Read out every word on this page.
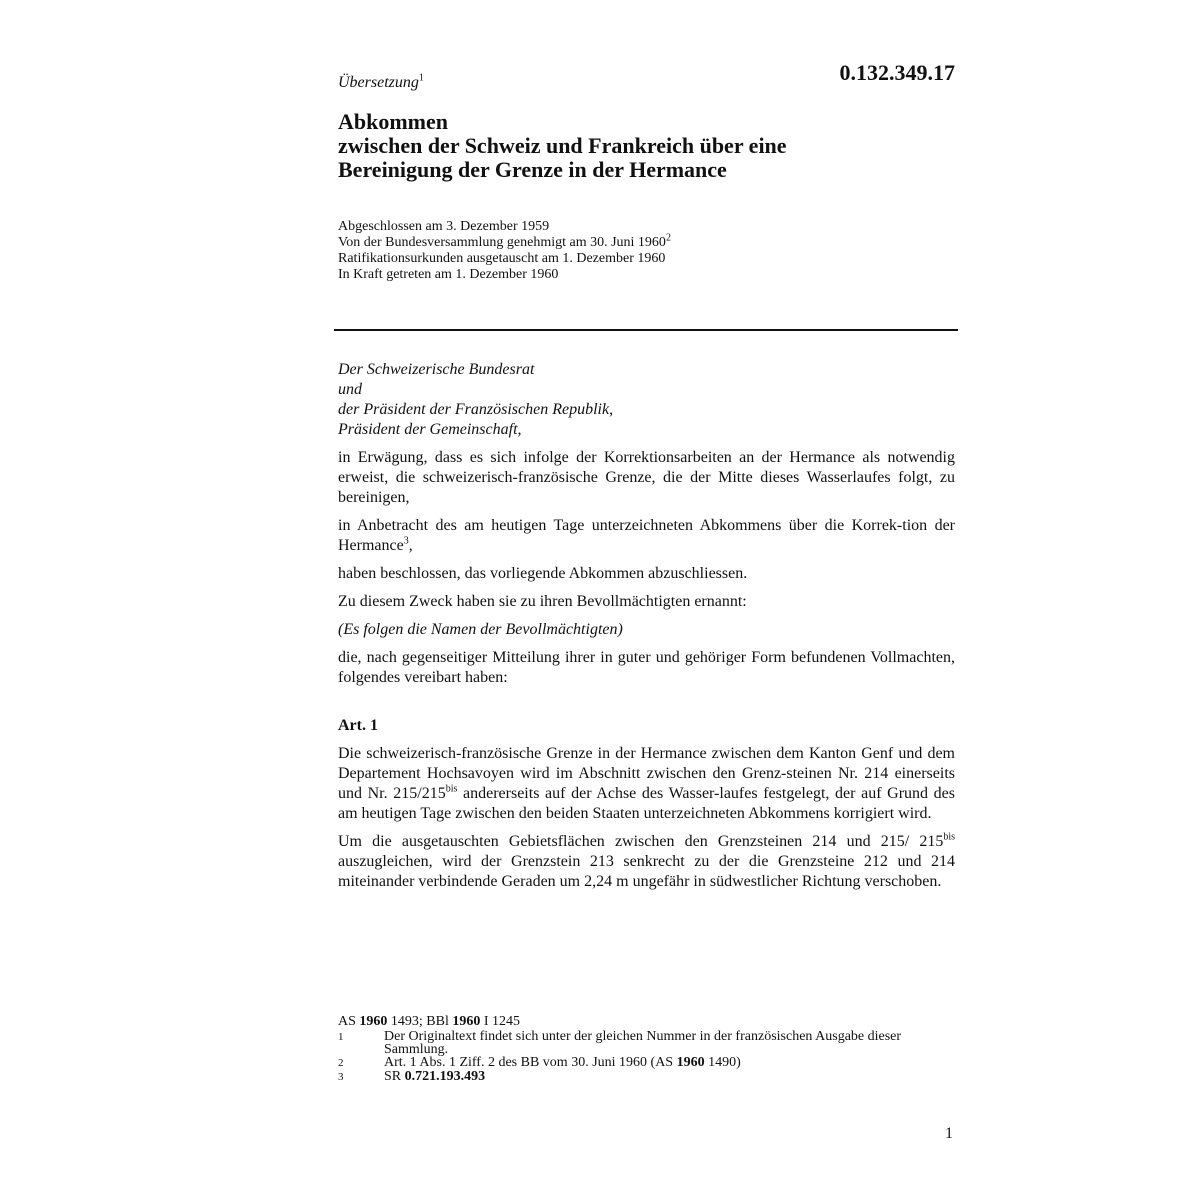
0.132.349.17
Übersetzung$^1$
Abkommen
zwischen der Schweiz und Frankreich über eine
Bereinigung der Grenze in der Hermance
Abgeschlossen am 3. Dezember 1959
Von der Bundesversammlung genehmigt am 30. Juni 1960$^2$
Ratifikationsurkunden ausgetauscht am 1. Dezember 1960
In Kraft getreten am 1. Dezember 1960
Der Schweizerische Bundesrat
und
der Präsident der Französischen Republik,
Präsident der Gemeinschaft,

in Erwägung, dass es sich infolge der Korrektionsarbeiten an der Hermance als notwendig erweist, die schweizerisch-französische Grenze, die der Mitte dieses Wasserlaufes folgt, zu bereinigen,

in Anbetracht des am heutigen Tage unterzeichneten Abkommens über die Korrek-tion der Hermance$^3$,

haben beschlossen, das vorliegende Abkommen abzuschliessen.

Zu diesem Zweck haben sie zu ihren Bevollmächtigten ernannt:

(Es folgen die Namen der Bevollmächtigten)

die, nach gegenseitiger Mitteilung ihrer in guter und gehöriger Form befundenen Vollmachten, folgendes vereibart haben:

Art. 1

Die schweizerisch-französische Grenze in der Hermance zwischen dem Kanton Genf und dem Departement Hochsavoyen wird im Abschnitt zwischen den Grenz-steinen Nr. 214 einerseits und Nr. $215/215^{bis}$ andererseits auf der Achse des Wasser-laufes festgelegt, der auf Grund des am heutigen Tage zwischen den beiden Staaten unterzeichneten Abkommens korrigiert wird.

Um die ausgetauschten Gebietsflächen zwischen den Grenzsteinen 214 und 215/ $215^{bis}$ auszugleichen, wird der Grenzstein 213 senkrecht zu der die Grenzsteine 212 und 214 miteinander verbindende Geraden um 2,24 m ungefähr in südwestlicher Richtung verschoben.

AS 1960 1493; BBl 1960 I 1245
1	Der Originaltext findet sich unter der gleichen Nummer in der französischen Ausgabe dieser Sammlung.
2	Art. 1 Abs. 1 Ziff. 2 des BB vom 30. Juni 1960 (AS 1960 1490)
3	SR 0.721.193.493
1
